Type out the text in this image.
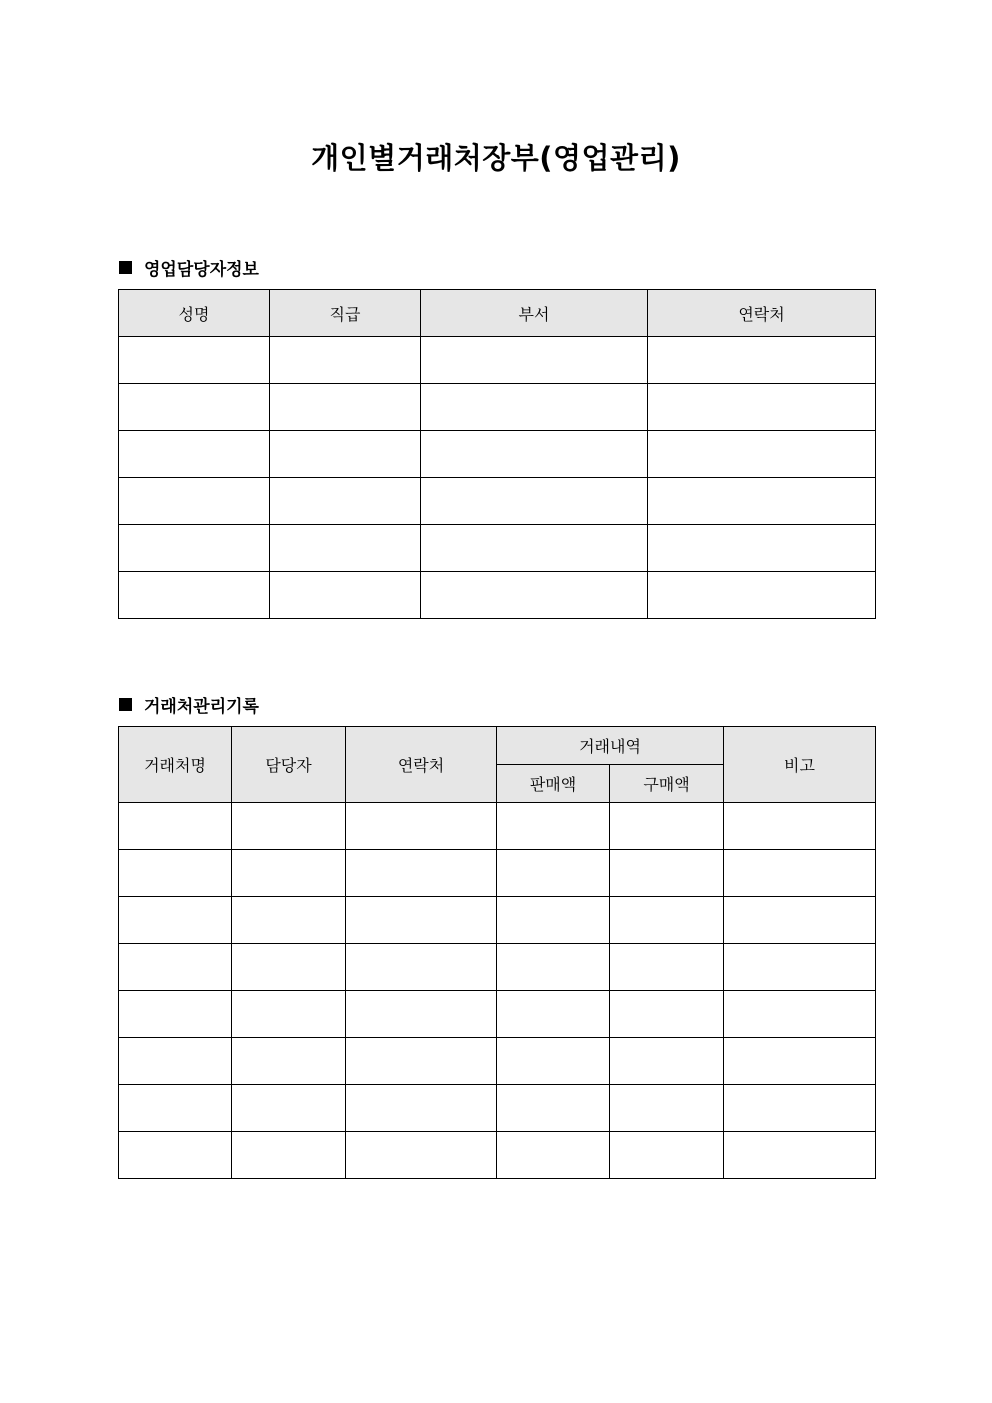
개인별거래처장부(영업관리)
영업담당자정보
성명	직급	부서	연락처

거래처관리기록
거래처명	담당자	연락처	거래내역		비고
			판매액	구매액	
